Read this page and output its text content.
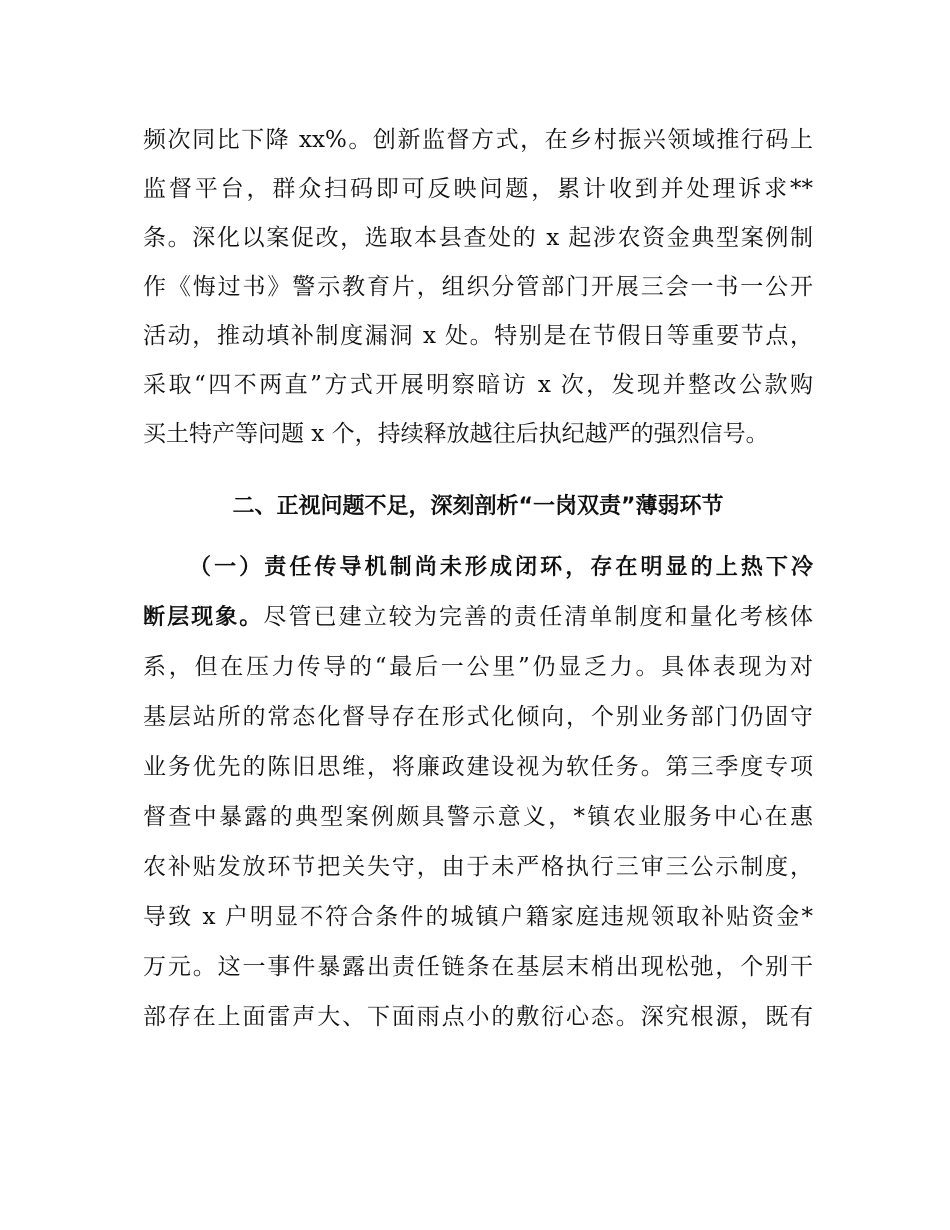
频次同比下降 xx%。创新监督方式，在乡村振兴领域推行码上
监督平台，群众扫码即可反映问题，累计收到并处理诉求**
条。深化以案促改，选取本县查处的 x 起涉农资金典型案例制
作《悔过书》警示教育片，组织分管部门开展三会一书一公开
活动，推动填补制度漏洞 x 处。特别是在节假日等重要节点，
采取“四不两直”方式开展明察暗访 x 次，发现并整改公款购
买土特产等问题 x 个，持续释放越往后执纪越严的强烈信号。
二、正视问题不足，深刻剖析“一岗双责”薄弱环节
（一）责任传导机制尚未形成闭环，存在明显的上热下冷
断层现象。尽管已建立较为完善的责任清单制度和量化考核体
系，但在压力传导的“最后一公里”仍显乏力。具体表现为对
基层站所的常态化督导存在形式化倾向，个别业务部门仍固守
业务优先的陈旧思维，将廉政建设视为软任务。第三季度专项
督查中暴露的典型案例颇具警示意义，*镇农业服务中心在惠
农补贴发放环节把关失守，由于未严格执行三审三公示制度，
导致 x 户明显不符合条件的城镇户籍家庭违规领取补贴资金*
万元。这一事件暴露出责任链条在基层末梢出现松弛，个别干
部存在上面雷声大、下面雨点小的敷衍心态。深究根源，既有
